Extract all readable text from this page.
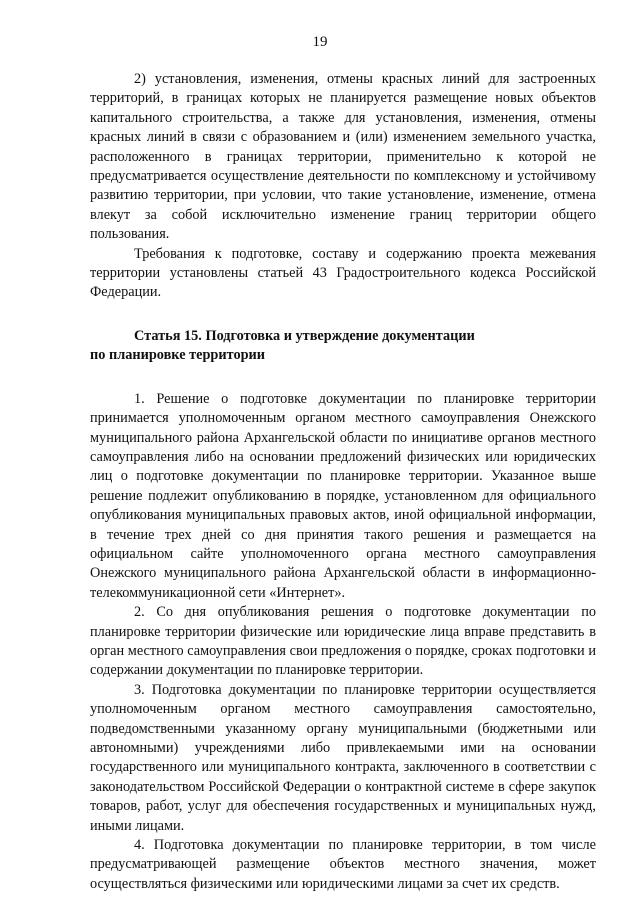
19

2) установления, изменения, отмены красных линий для застроенных территорий, в границах которых не планируется размещение новых объектов капитального строительства, а также для установления, изменения, отмены красных линий в связи с образованием и (или) изменением земельного участка, расположенного в границах территории, применительно к которой не предусматривается осуществление деятельности по комплексному и устойчивому развитию территории, при условии, что такие установление, изменение, отмена влекут за собой исключительно изменение границ территории общего пользования.

Требования к подготовке, составу и содержанию проекта межевания территории установлены статьей 43 Градостроительного кодекса Российской Федерации.

Статья 15. Подготовка и утверждение документации

по планировке территории

1. Решение о подготовке документации по планировке территории принимается уполномоченным органом местного самоуправления Онежского муниципального района Архангельской области по инициативе органов местного самоуправления либо на основании предложений физических или юридических лиц о подготовке документации по планировке территории. Указанное выше решение подлежит опубликованию в порядке, установленном для официального опубликования муниципальных правовых актов, иной официальной информации, в течение трех дней со дня принятия такого решения и размещается на официальном сайте уполномоченного органа местного самоуправления Онежского муниципального района Архангельской области в информационно-телекоммуникационной сети «Интернет».

2. Со дня опубликования решения о подготовке документации по планировке территории физические или юридические лица вправе представить в орган местного самоуправления свои предложения о порядке, сроках подготовки и содержании документации по планировке территории.

3. Подготовка документации по планировке территории осуществляется уполномоченным органом местного самоуправления самостоятельно, подведомственными указанному органу муниципальными (бюджетными или автономными) учреждениями либо привлекаемыми ими на основании государственного или муниципального контракта, заключенного в соответствии с законодательством Российской Федерации о контрактной системе в сфере закупок товаров, работ, услуг для обеспечения государственных и муниципальных нужд, иными лицами.

4. Подготовка документации по планировке территории, в том числе предусматривающей размещение объектов местного значения, может осуществляться физическими или юридическими лицами за счет их средств.
